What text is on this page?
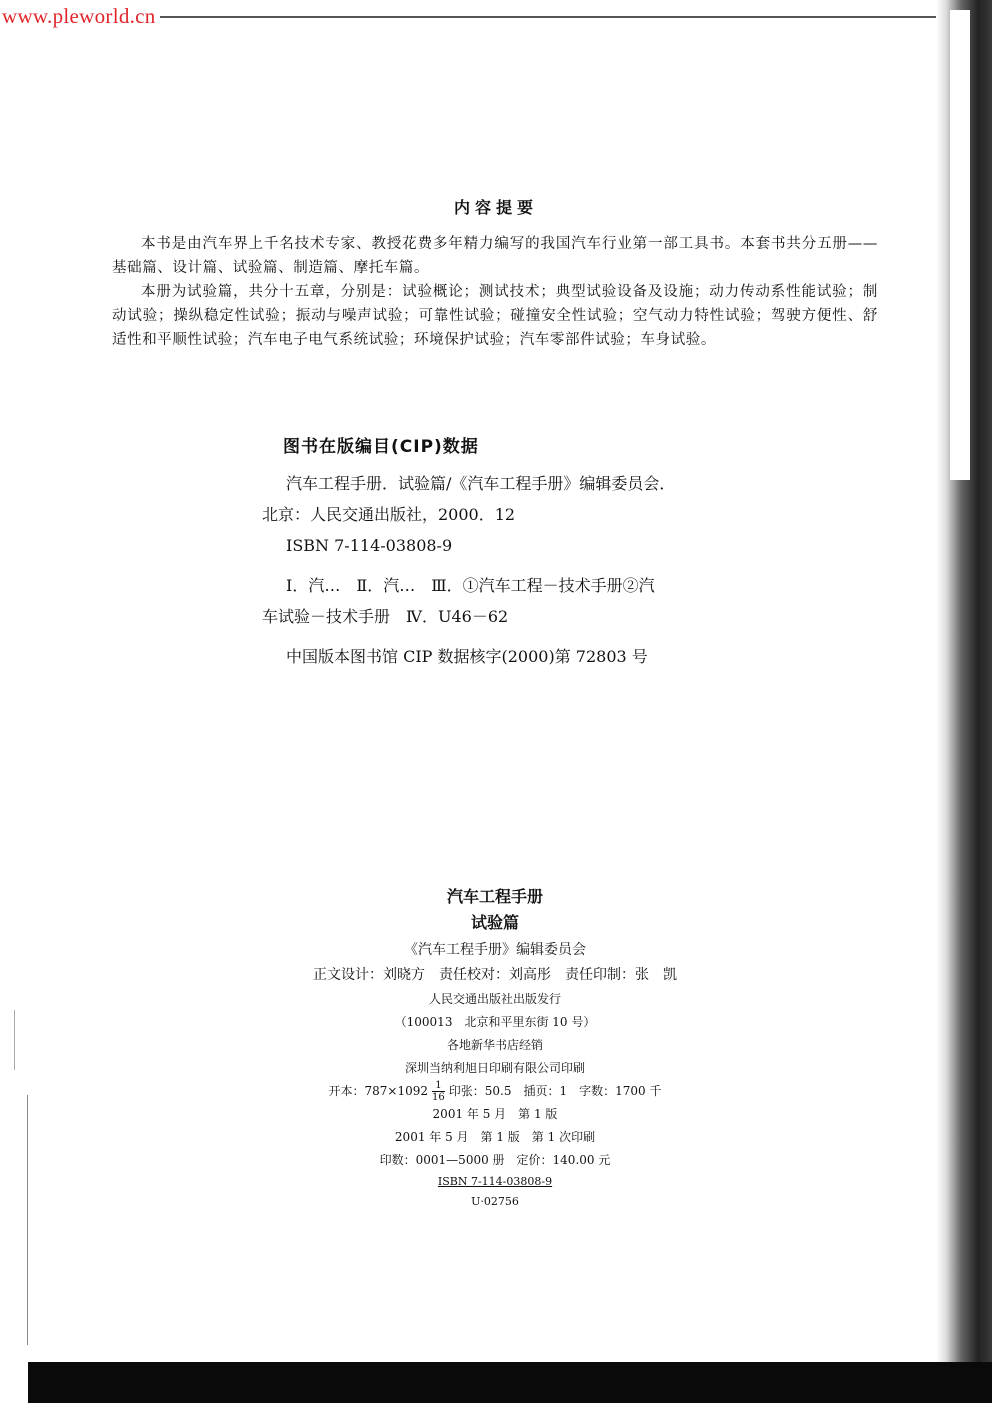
www.pleworld.cn
内容提要

本书是由汽车界上千名技术专家、教授花费多年精力编写的我国汽车行业第一部工具书。本套书共分五册——基础篇、设计篇、试验篇、制造篇、摩托车篇。

本册为试验篇，共分十五章，分别是：试验概论；测试技术；典型试验设备及设施；动力传动系性能试验；制动试验；操纵稳定性试验；振动与噪声试验；可靠性试验；碰撞安全性试验；空气动力特性试验；驾驶方便性、舒适性和平顺性试验；汽车电子电气系统试验；环境保护试验；汽车零部件试验；车身试验。

图书在版编目(CIP)数据
汽车工程手册．试验篇/《汽车工程手册》编辑委员会．
北京：人民交通出版社，2000．12
ISBN 7-114-03808-9
Ⅰ．汽…　Ⅱ．汽…　Ⅲ．①汽车工程－技术手册②汽
车试验－技术手册　Ⅳ．U46－62
中国版本图书馆 CIP 数据核字(2000)第 72803 号
汽车工程手册
试验篇
《汽车工程手册》编辑委员会
正文设计：刘晓方　责任校对：刘高彤　责任印制：张　凯
人民交通出版社出版发行
（100013　北京和平里东街 10 号）
各地新华书店经销
深圳当纳利旭日印刷有限公司印刷
开本：$787\times 1092 \frac{1}{16}$ 印张：50.5　插页：1　字数：1700 千
2001 年 5 月　第 1 版
2001 年 5 月　第 1 版　第 1 次印刷
印数：0001—5000 册　定价：140.00 元
ISBN 7-114-03808-9
U·02756
